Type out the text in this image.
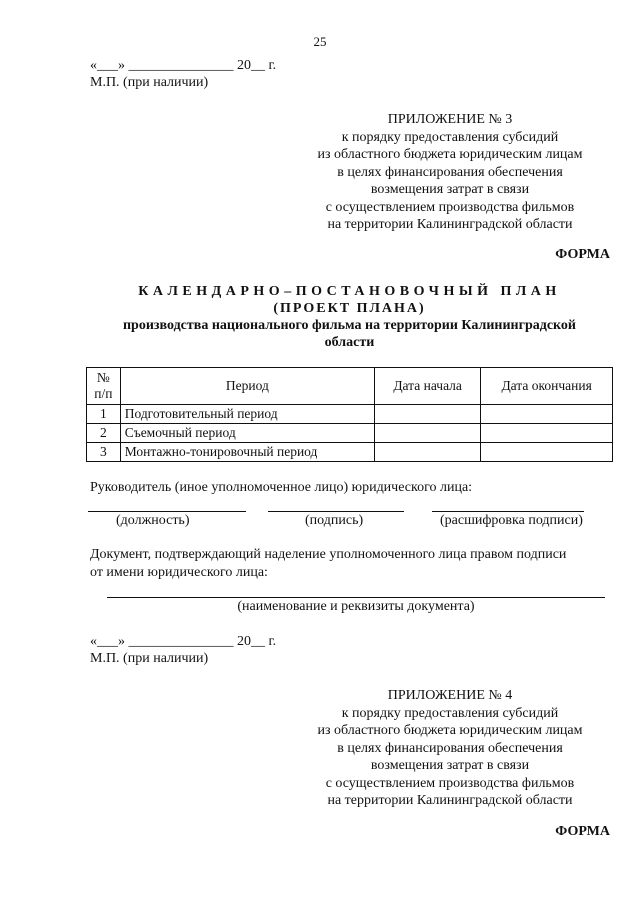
25
«___» _______________ 20__ г.
М.П. (при наличии)
ПРИЛОЖЕНИЕ № 3
к порядку предоставления субсидий
из областного бюджета юридическим лицам
в целях финансирования обеспечения
возмещения затрат в связи
с осуществлением производства фильмов
на территории Калининградской области
ФОРМА
КАЛЕНДАРНО–ПОСТАНОВОЧНЫЙ ПЛАН
(ПРОЕКТ ПЛАНА)
производства национального фильма на территории Калининградской
области
№ п/п	Период	Дата начала	Дата окончания
1	Подготовительный период		
2	Съемочный период		
3	Монтажно-тонировочный период		
Руководитель (иное уполномоченное лицо) юридического лица:
(должность)	(подпись)	(расшифровка подписи)
Документ, подтверждающий наделение уполномоченного лица правом подписи
от имени юридического лица:
(наименование и реквизиты документа)
«___» _______________ 20__ г.
М.П. (при наличии)
ПРИЛОЖЕНИЕ № 4
к порядку предоставления субсидий
из областного бюджета юридическим лицам
в целях финансирования обеспечения
возмещения затрат в связи
с осуществлением производства фильмов
на территории Калининградской области
ФОРМА
